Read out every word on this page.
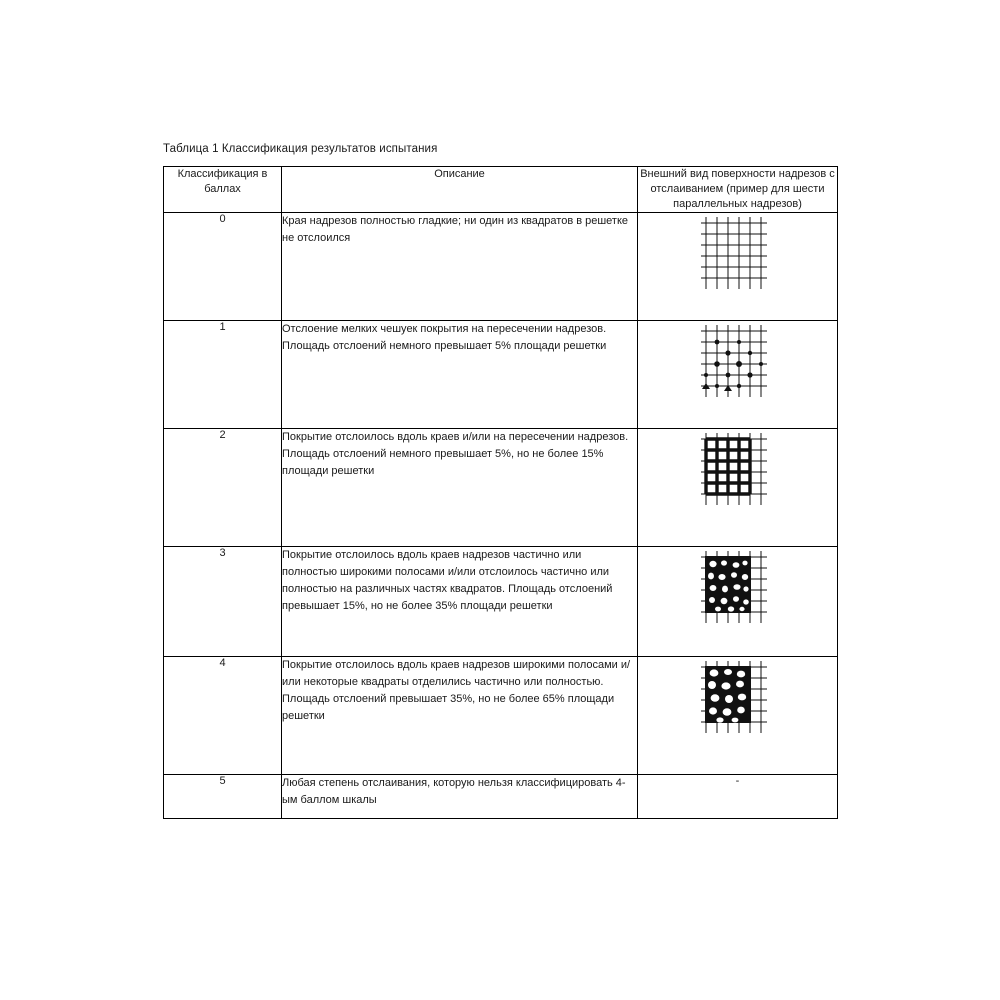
Таблица 1 Классификация результатов испытания
Классификация в баллах	Описание	Внешний вид поверхности надрезов с отслаиванием (пример для шести параллельных надрезов)
0	Края надрезов полностью гладкие; ни один из квадратов в решетке не отслоился	
1	Отслоение мелких чешуек покрытия на пересечении надрезов. Площадь отслоений немного превышает 5% площади решетки	
2	Покрытие отслоилось вдоль краев и/или на пересечении надрезов. Площадь отслоений немного превышает 5%, но не более 15% площади решетки	
3	Покрытие отслоилось вдоль краев надрезов частично или полностью широкими полосами и/или отслоилось частично или полностью на различных частях квадратов. Площадь отслоений превышает 15%, но не более 35% площади решетки	
4	Покрытие отслоилось вдоль краев надрезов широкими полосами и/или некоторые квадраты отделились частично или полностью. Площадь отслоений превышает 35%, но не более 65% площади решетки	
5	Любая степень отслаивания, которую нельзя классифицировать 4-ым баллом шкалы	-
